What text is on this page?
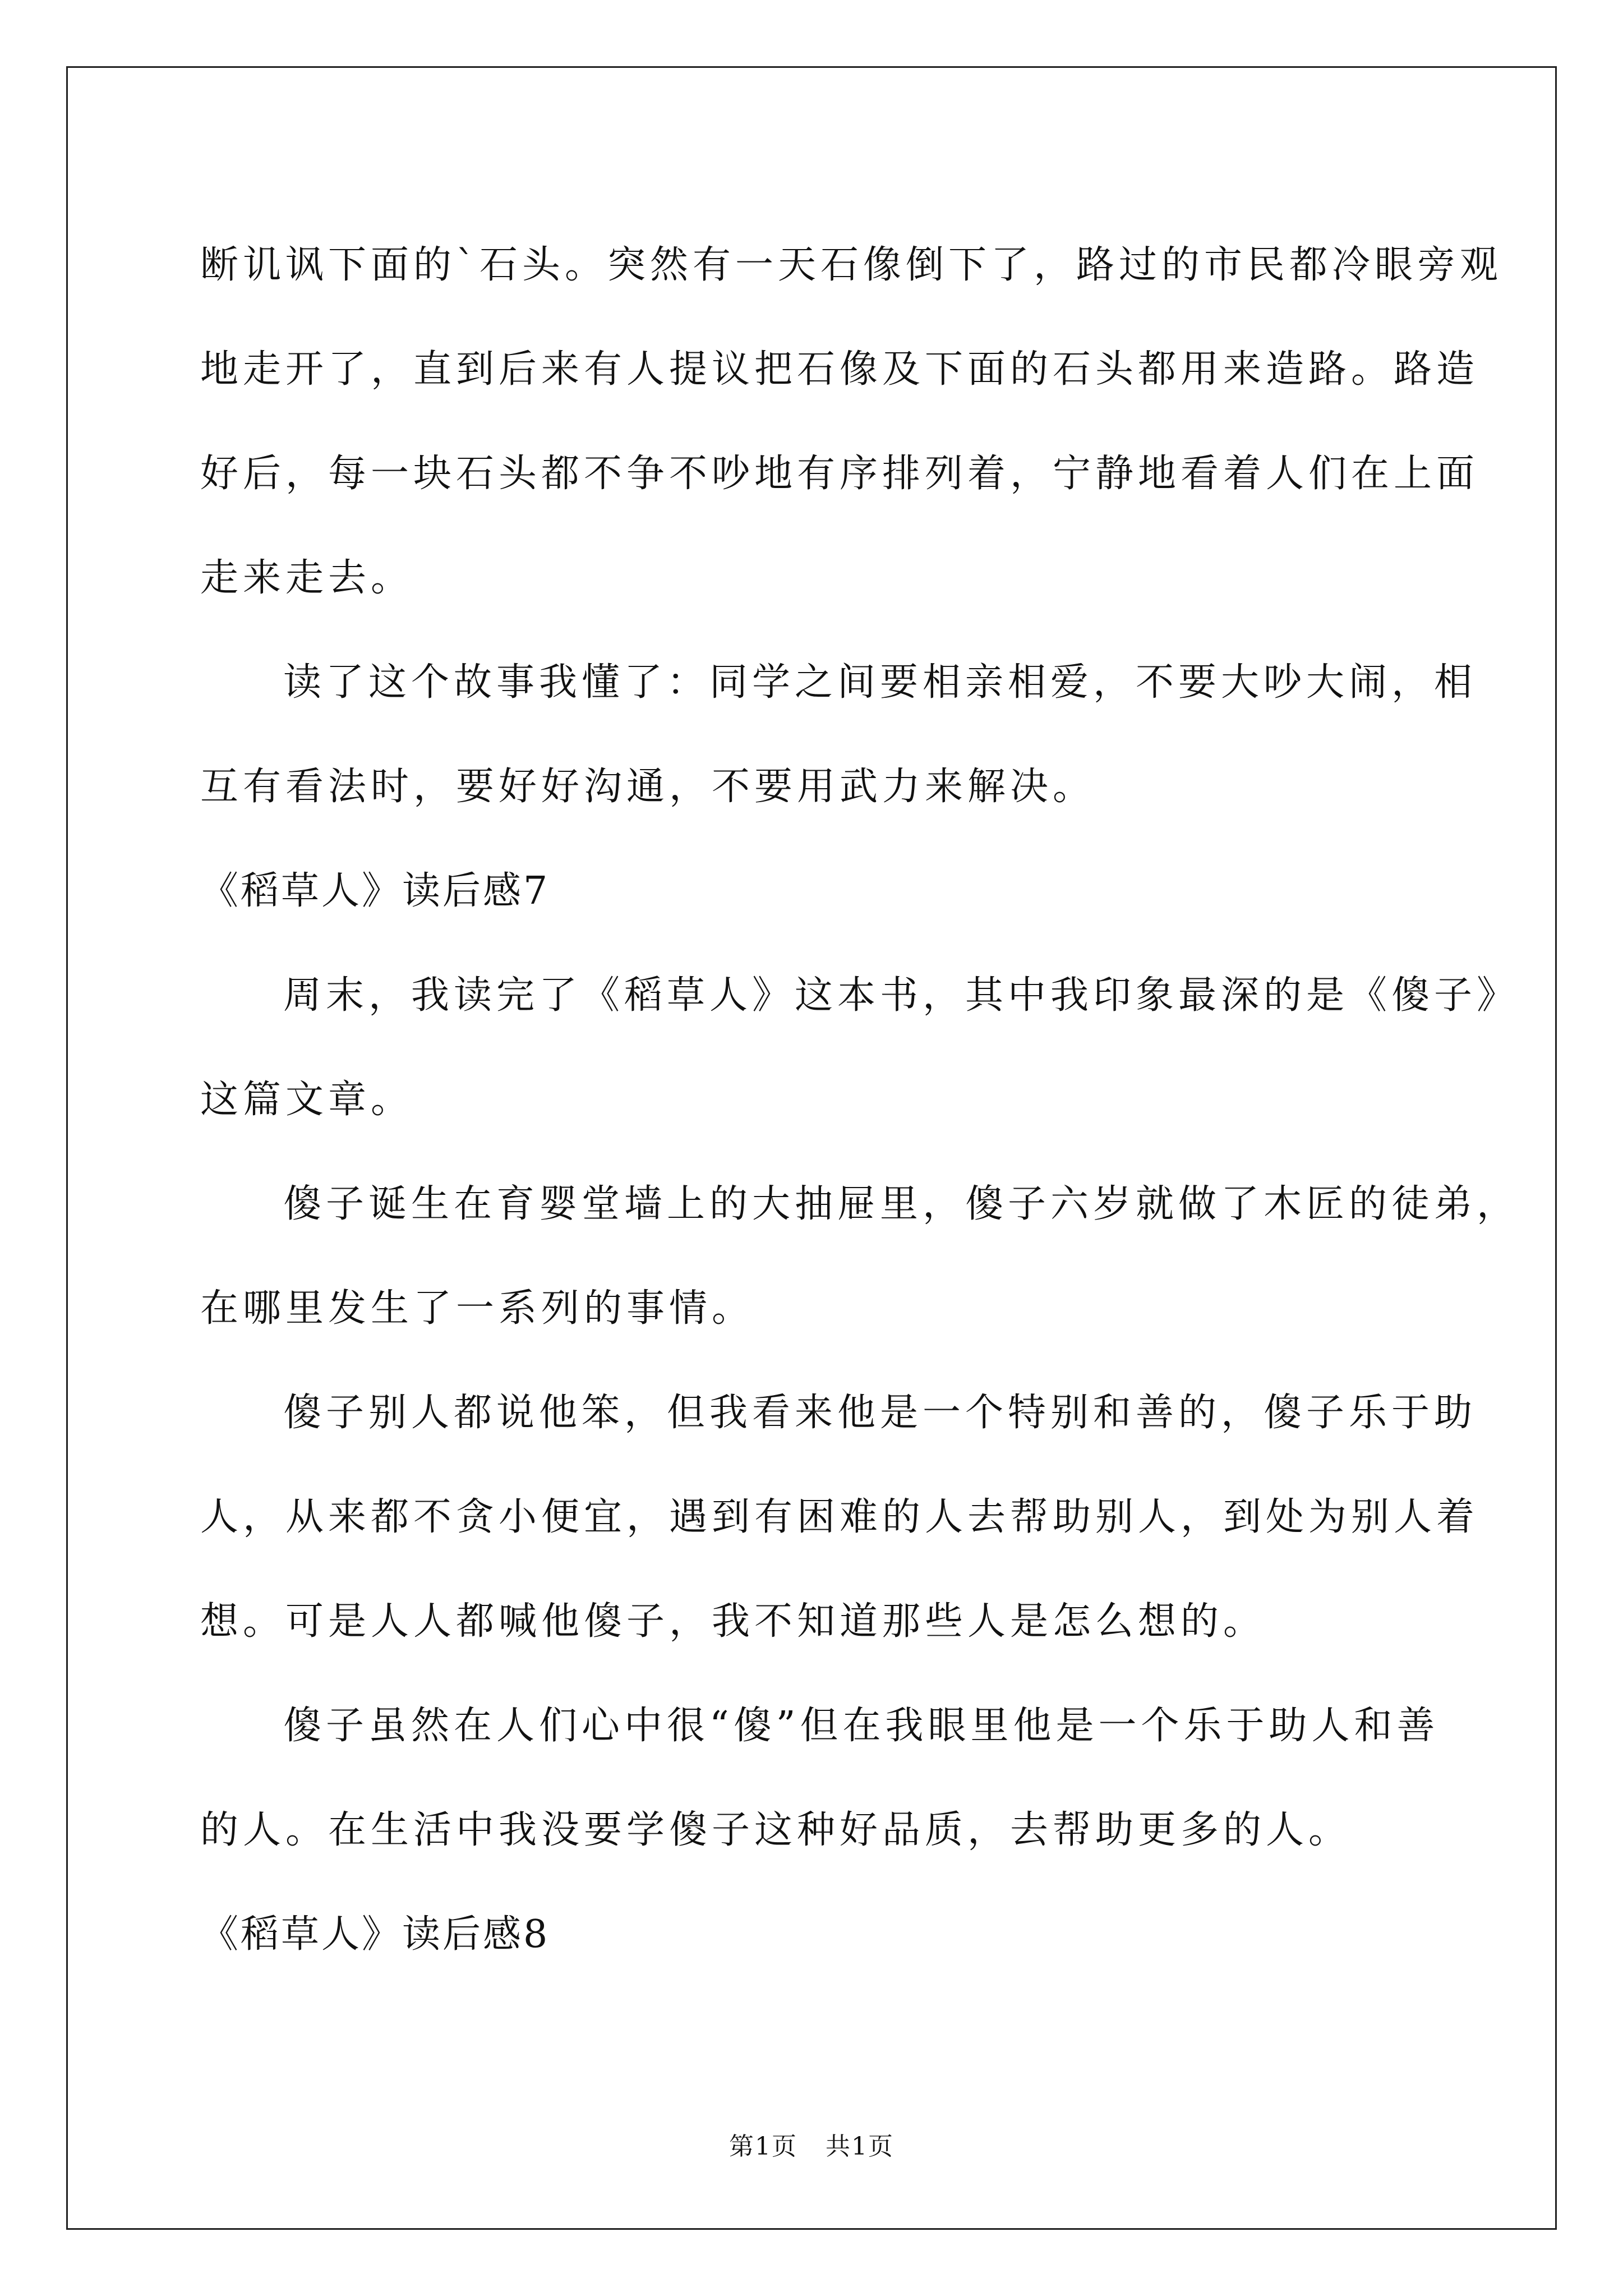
断讥讽下面的`石头。突然有一天石像倒下了，路过的市民都冷眼旁观

地走开了，直到后来有人提议把石像及下面的石头都用来造路。路造

好后，每一块石头都不争不吵地有序排列着，宁静地看着人们在上面

走来走去。

读了这个故事我懂了：同学之间要相亲相爱，不要大吵大闹，相

互有看法时，要好好沟通，不要用武力来解决。

《稻草人》读后感7

周末，我读完了《稻草人》这本书，其中我印象最深的是《傻子》

这篇文章。

傻子诞生在育婴堂墙上的大抽屉里，傻子六岁就做了木匠的徒弟，

在哪里发生了一系列的事情。

傻子别人都说他笨，但我看来他是一个特别和善的，傻子乐于助

人，从来都不贪小便宜，遇到有困难的人去帮助别人，到处为别人着

想。可是人人都喊他傻子，我不知道那些人是怎么想的。

傻子虽然在人们心中很“傻”但在我眼里他是一个乐于助人和善

的人。在生活中我没要学傻子这种好品质，去帮助更多的人。

《稻草人》读后感8

第1页 共1页
